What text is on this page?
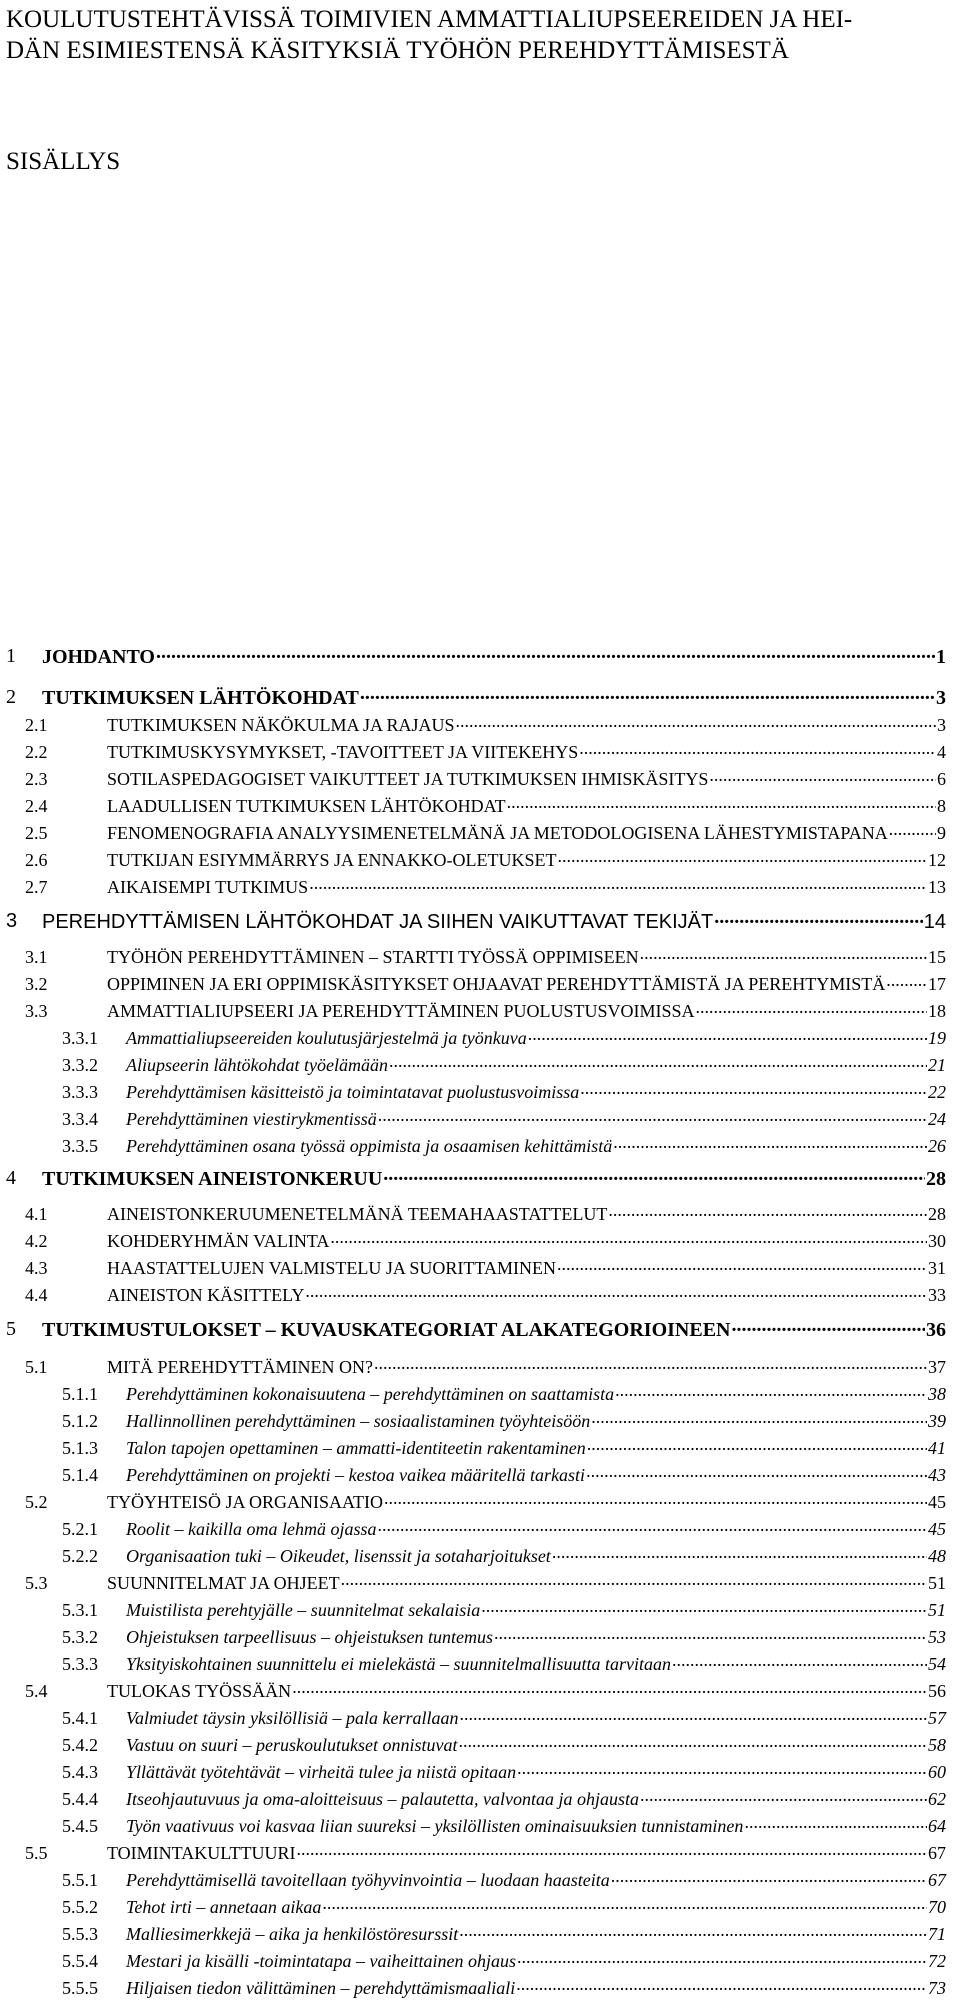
KOULUTUSTEHTÄVISSÄ TOIMIVIEN AMMATTIALIUPSEEREIDEN JA HEI-
DÄN ESIMIESTENSÄ KÄSITYKSIÄ TYÖHÖN PEREHDYTTÄMISESTÄ
SISÄLLYS
1 JOHDANTO .....	1
2 TUTKIMUKSEN LÄHTÖKOHDAT .....	3
2.1	TUTKIMUKSEN NÄKÖKULMA JA RAJAUS .....	3
2.2	TUTKIMUSKYSYMYKSET, -TAVOITTEET JA VIITEKEHYS .....	4
2.3	SOTILASPEDAGOGISET VAIKUTTEET JA TUTKIMUKSEN IHMISKÄSITYS .....	6
2.4	LAADULLISEN TUTKIMUKSEN LÄHTÖKOHDAT .....	8
2.5	FENOMENOGRAFIA ANALYYSIMENETELMÄNÄ JA METODOLOGISENA LÄHESTYMISTAPANA .....	9
2.6	TUTKIJAN ESIYMMÄRRYS JA ENNAKKO-OLETUKSET .....	12
2.7	AIKAISEMPI TUTKIMUS .....	13
3 PEREHDYTTÄMISEN LÄHTÖKOHDAT JA SIIHEN VAIKUTTAVAT TEKIJÄT .....	14
3.1	TYÖHÖN PEREHDYTTÄMINEN – STARTTI TYÖSSÄ OPPIMISEEN .....	15
3.2	OPPIMINEN JA ERI OPPIMISKÄSITYKSET OHJAAVAT PEREHDYTTÄMISTÄ JA PEREHTYMISTÄ ..... 17
3.3	AMMATTIALIUPSEERI JA PEREHDYTTÄMINEN PUOLUSTUSVOIMISSA .....	18
3.3.1 Ammattialiupseereiden koulutusjärjestelmä ja työnkuva .....	19
3.3.2 Aliupseerin lähtökohdat työelämään .....	21
3.3.3 Perehdyttämisen käsitteistö ja toimintatavat puolustusvoimissa .....	22
3.3.4 Perehdyttäminen viestirykmentissä .....	24
3.3.5 Perehdyttäminen osana työssä oppimista ja osaamisen kehittämistä .....	26
4 TUTKIMUKSEN AINEISTONKERUU .....	28
4.1	AINEISTONKERUUMENETELMÄNÄ TEEMAHAASTATTELUT .....	28
4.2	KOHDERYHMÄN VALINTA .....	30
4.3	HAASTATTELUJEN VALMISTELU JA SUORITTAMINEN .....	31
4.4	AINEISTON KÄSITTELY .....	33
5 TUTKIMUSTULOKSET – KUVAUSKATEGORIAT ALAKATEGORIOINEEN .....	36
5.1	MITÄ PEREHDYTTÄMINEN ON? .....	37
5.1.1 Perehdyttäminen kokonaisuutena – perehdyttäminen on saattamista .....	38
5.1.2 Hallinnollinen perehdyttäminen – sosiaalistaminen työyhteisöön .....	39
5.1.3 Talon tapojen opettaminen – ammatti-identiteetin rakentaminen .....	41
5.1.4 Perehdyttäminen on projekti – kestoa vaikea määritellä tarkasti .....	43
5.2	TYÖYHTEISÖ JA ORGANISAATIO .....	45
5.2.1 Roolit – kaikilla oma lehmä ojassa .....	45
5.2.2 Organisaation tuki – Oikeudet, lisenssit ja sotaharjoitukset .....	48
5.3	SUUNNITELMAT JA OHJEET .....	51
5.3.1 Muistilista perehtyjälle – suunnitelmat sekalaisia .....	51
5.3.2 Ohjeistuksen tarpeellisuus – ohjeistuksen tuntemus .....	53
5.3.3 Yksityiskohtainen suunnittelu ei mielekästä – suunnitelmallisuutta tarvitaan .....	54
5.4	TULOKAS TYÖSSÄÄN .....	56
5.4.1 Valmiudet täysin yksilöllisiä – pala kerrallaan .....	57
5.4.2 Vastuu on suuri – peruskoulutukset onnistuvat .....	58
5.4.3 Yllättävät työtehtävät – virheitä tulee ja niistä opitaan .....	60
5.4.4 Itseohjautuvuus ja oma-aloitteisuus – palautetta, valvontaa ja ohjausta .....	62
5.4.5 Työn vaativuus voi kasvaa liian suureksi – yksilöllisten ominaisuuksien tunnistaminen .....	64
5.5	TOIMINTAKULTTUURI .....	67
5.5.1 Perehdyttämisellä tavoitellaan työhyvinvointia – luodaan haasteita .....	67
5.5.2 Tehot irti – annetaan aikaa .....	70
5.5.3 Malliesimerkkejä – aika ja henkilöstöresurssit .....	71
5.5.4 Mestari ja kisälli -toimintatapa – vaiheittainen ohjaus .....	72
5.5.5 Hiljaisen tiedon välittäminen – perehdyttämismaaliali .....	73
